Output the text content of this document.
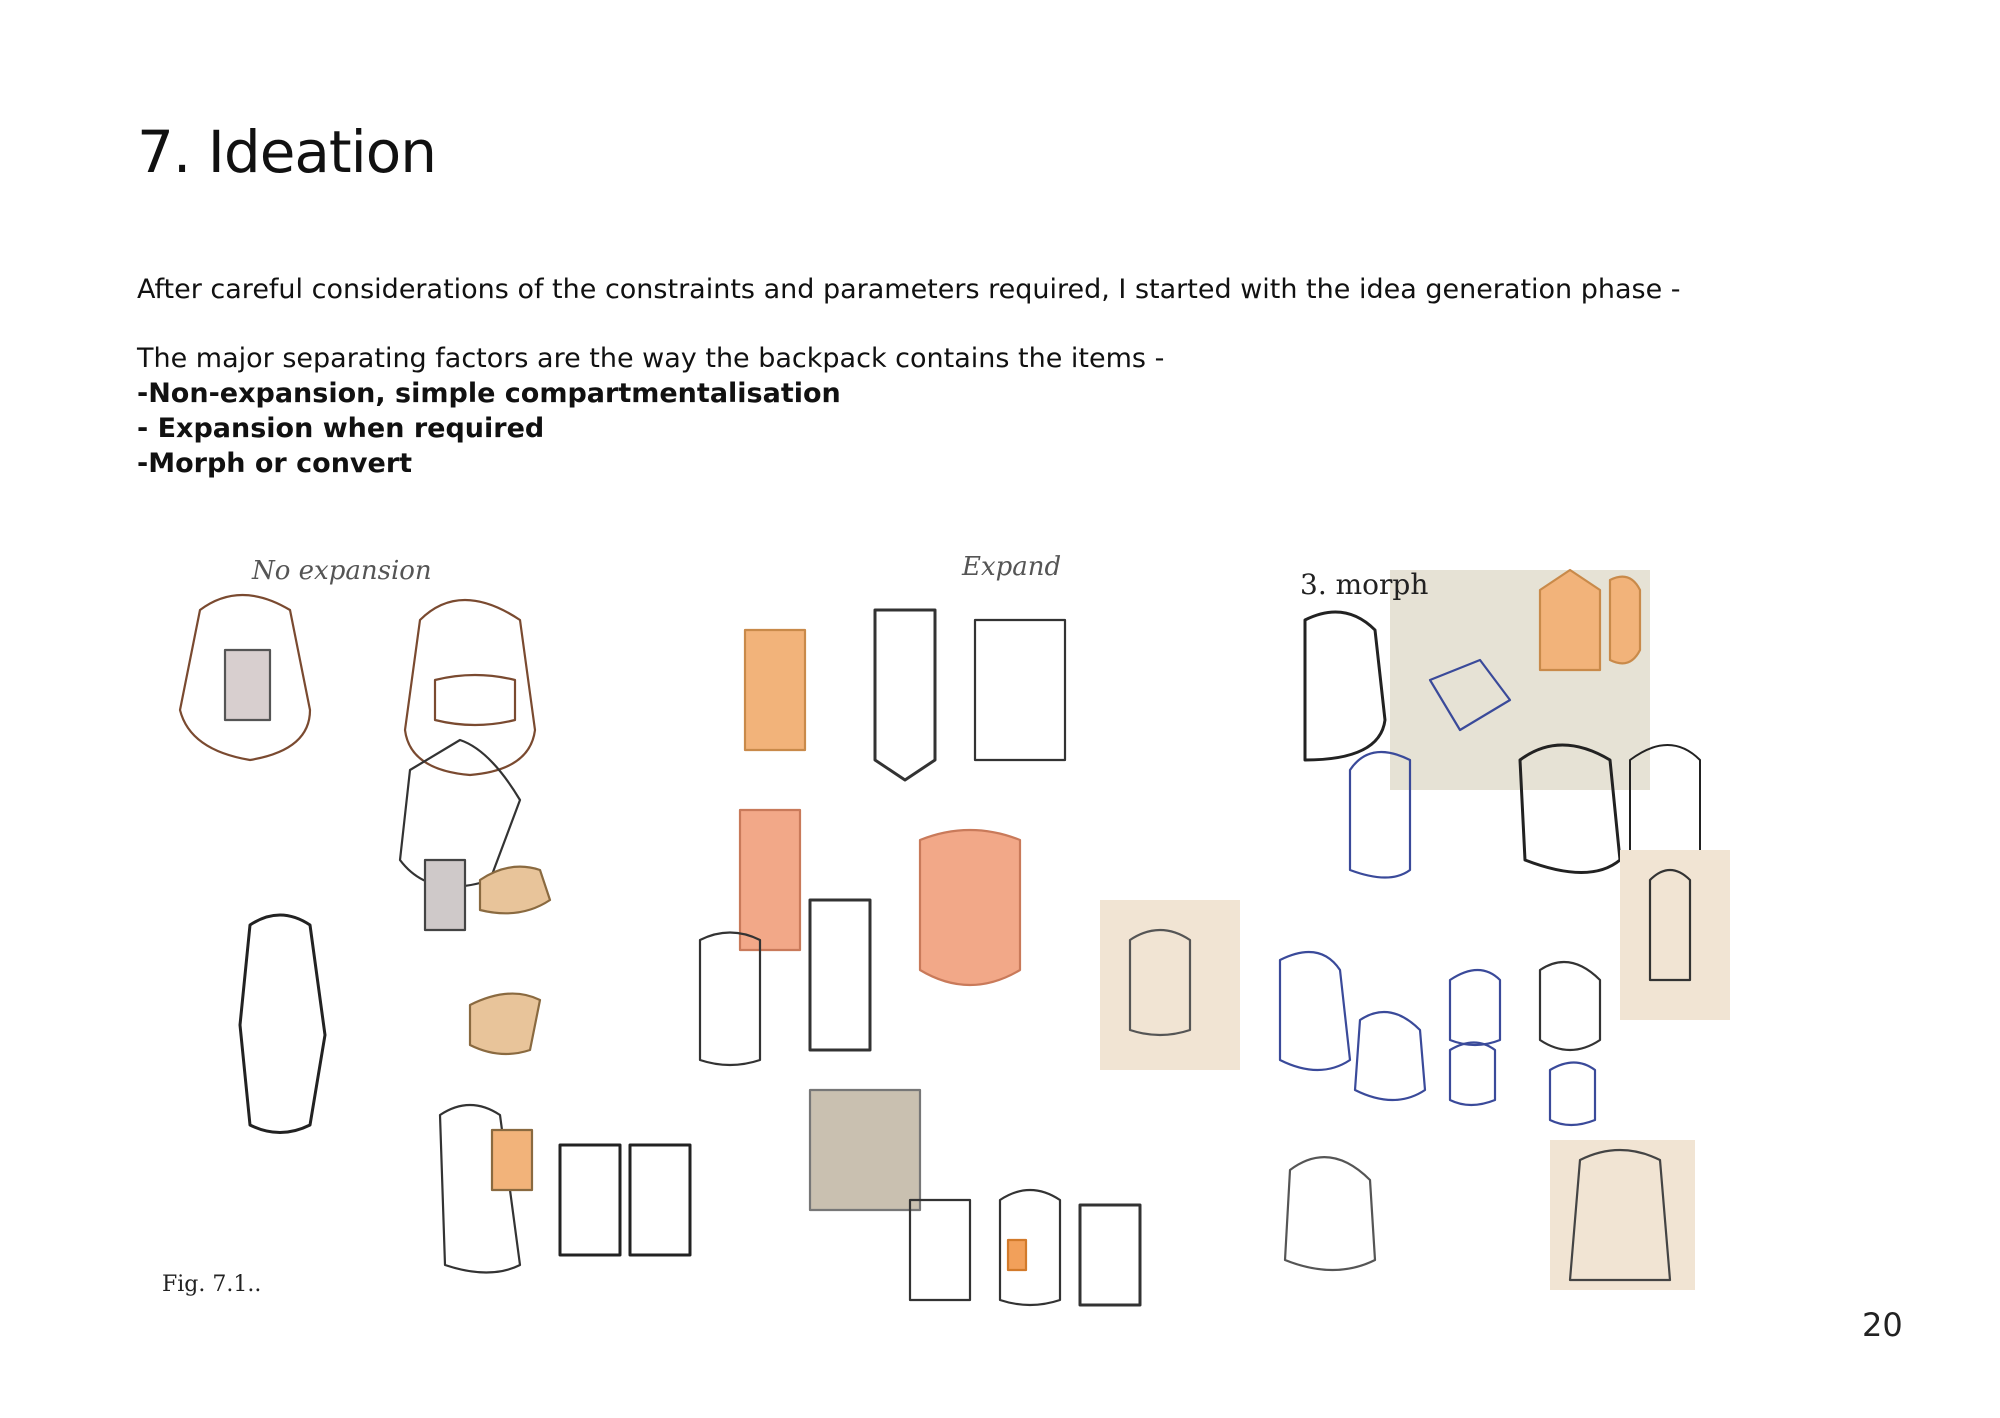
7. Ideation

After careful considerations of the constraints and parameters required, I started with the idea generation phase -

The major separating factors are the way the backpack contains the items -

-Non-expansion, simple compartmentalisation

- Expansion when required

-Morph or convert

No expansion	Expand
3. morph
Fig. 7.1..
20
